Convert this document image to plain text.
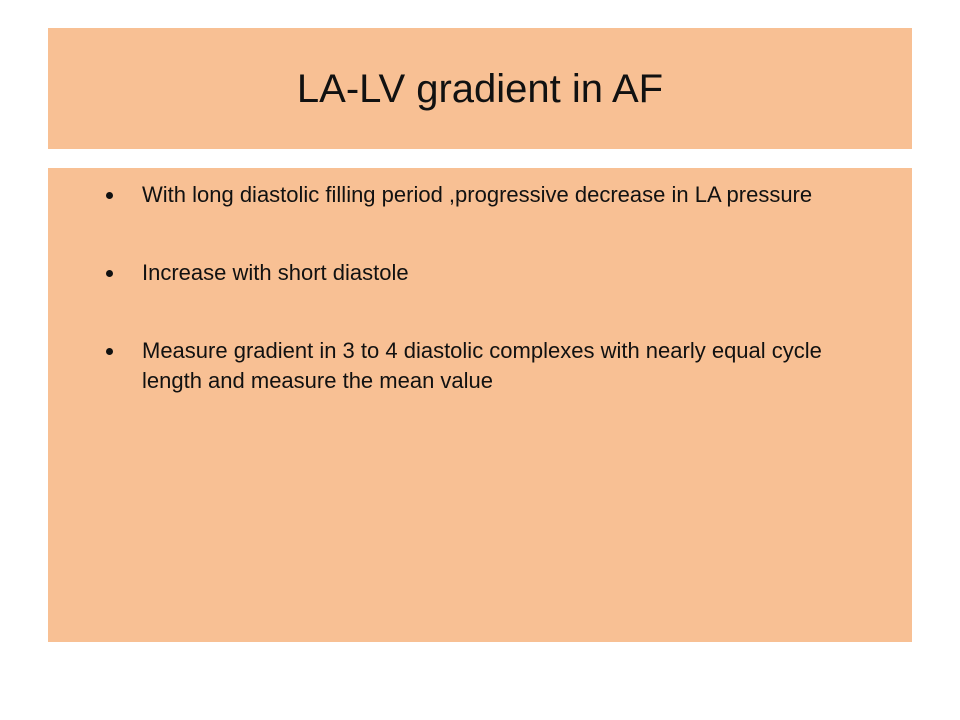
LA-LV gradient in AF
With long diastolic filling period ,progressive decrease in LA pressure
Increase with short diastole
Measure gradient in 3 to 4 diastolic complexes with nearly equal cycle length and measure the mean value
